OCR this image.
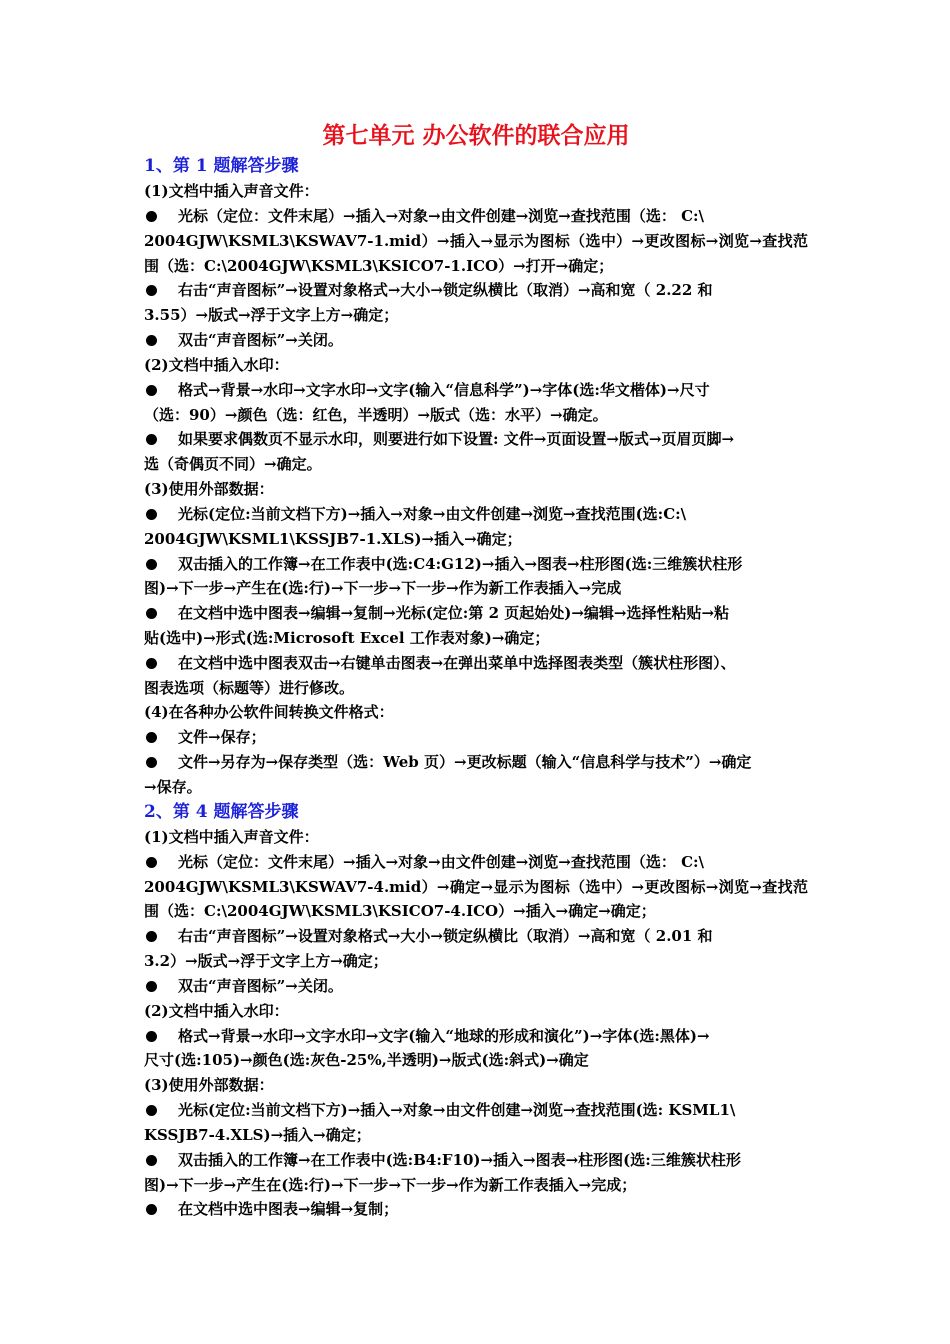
第七单元 办公软件的联合应用

1、第 1 题解答步骤

(1)文档中插入声音文件：

光标（定位：文件末尾）→插入→对象→由文件创建→浏览→查找范围（选： C:\
2004GJW\KSML3\KSWAV7-1.mid）→插入→显示为图标（选中）→更改图标→浏览→查找范围（选：C:\2004GJW\KSML3\KSICO7-1.ICO）→打开→确定；
右击“声音图标”→设置对象格式→大小→锁定纵横比（取消）→高和宽（ 2.22 和
3.55）→版式→浮于文字上方→确定；
双击“声音图标”→关闭。

(2)文档中插入水印：

格式→背景→水印→文字水印→文字(输入“信息科学”)→字体(选:华文楷体)→尺寸
（选：90）→颜色（选：红色，半透明）→版式（选：水平）→确定。
如果要求偶数页不显示水印，则要进行如下设置: 文件→页面设置→版式→页眉页脚→
选（奇偶页不同）→确定。

(3)使用外部数据：

光标(定位:当前文档下方)→插入→对象→由文件创建→浏览→查找范围(选:C:\
2004GJW\KSML1\KSSJB7-1.XLS)→插入→确定；
双击插入的工作簿→在工作表中(选:C4:G12)→插入→图表→柱形图(选:三维簇状柱形
图)→下一步→产生在(选:行)→下一步→下一步→作为新工作表插入→完成
在文档中选中图表→编辑→复制→光标(定位:第 2 页起始处)→编辑→选择性粘贴→粘
贴(选中)→形式(选:Microsoft Excel 工作表对象)→确定；
在文档中选中图表双击→右键单击图表→在弹出菜单中选择图表类型（簇状柱形图）、
图表选项（标题等）进行修改。

(4)在各种办公软件间转换文件格式：

文件→保存；
文件→另存为→保存类型（选：Web 页）→更改标题（输入“信息科学与技术”）→确定
→保存。

2、第 4 题解答步骤

(1)文档中插入声音文件：

光标（定位：文件末尾）→插入→对象→由文件创建→浏览→查找范围（选： C:\
2004GJW\KSML3\KSWAV7-4.mid）→确定→显示为图标（选中）→更改图标→浏览→查找范围（选：C:\2004GJW\KSML3\KSICO7-4.ICO）→插入→确定→确定；
右击“声音图标”→设置对象格式→大小→锁定纵横比（取消）→高和宽（ 2.01 和
3.2）→版式→浮于文字上方→确定；
双击“声音图标”→关闭。

(2)文档中插入水印：

格式→背景→水印→文字水印→文字(输入“地球的形成和演化”)→字体(选:黑体)→
尺寸(选:105)→颜色(选:灰色-25%,半透明)→版式(选:斜式)→确定

(3)使用外部数据：

光标(定位:当前文档下方)→插入→对象→由文件创建→浏览→查找范围(选: KSML1\
KSSJB7-4.XLS)→插入→确定；
双击插入的工作簿→在工作表中(选:B4:F10)→插入→图表→柱形图(选:三维簇状柱形
图)→下一步→产生在(选:行)→下一步→下一步→作为新工作表插入→完成；
在文档中选中图表→编辑→复制；
